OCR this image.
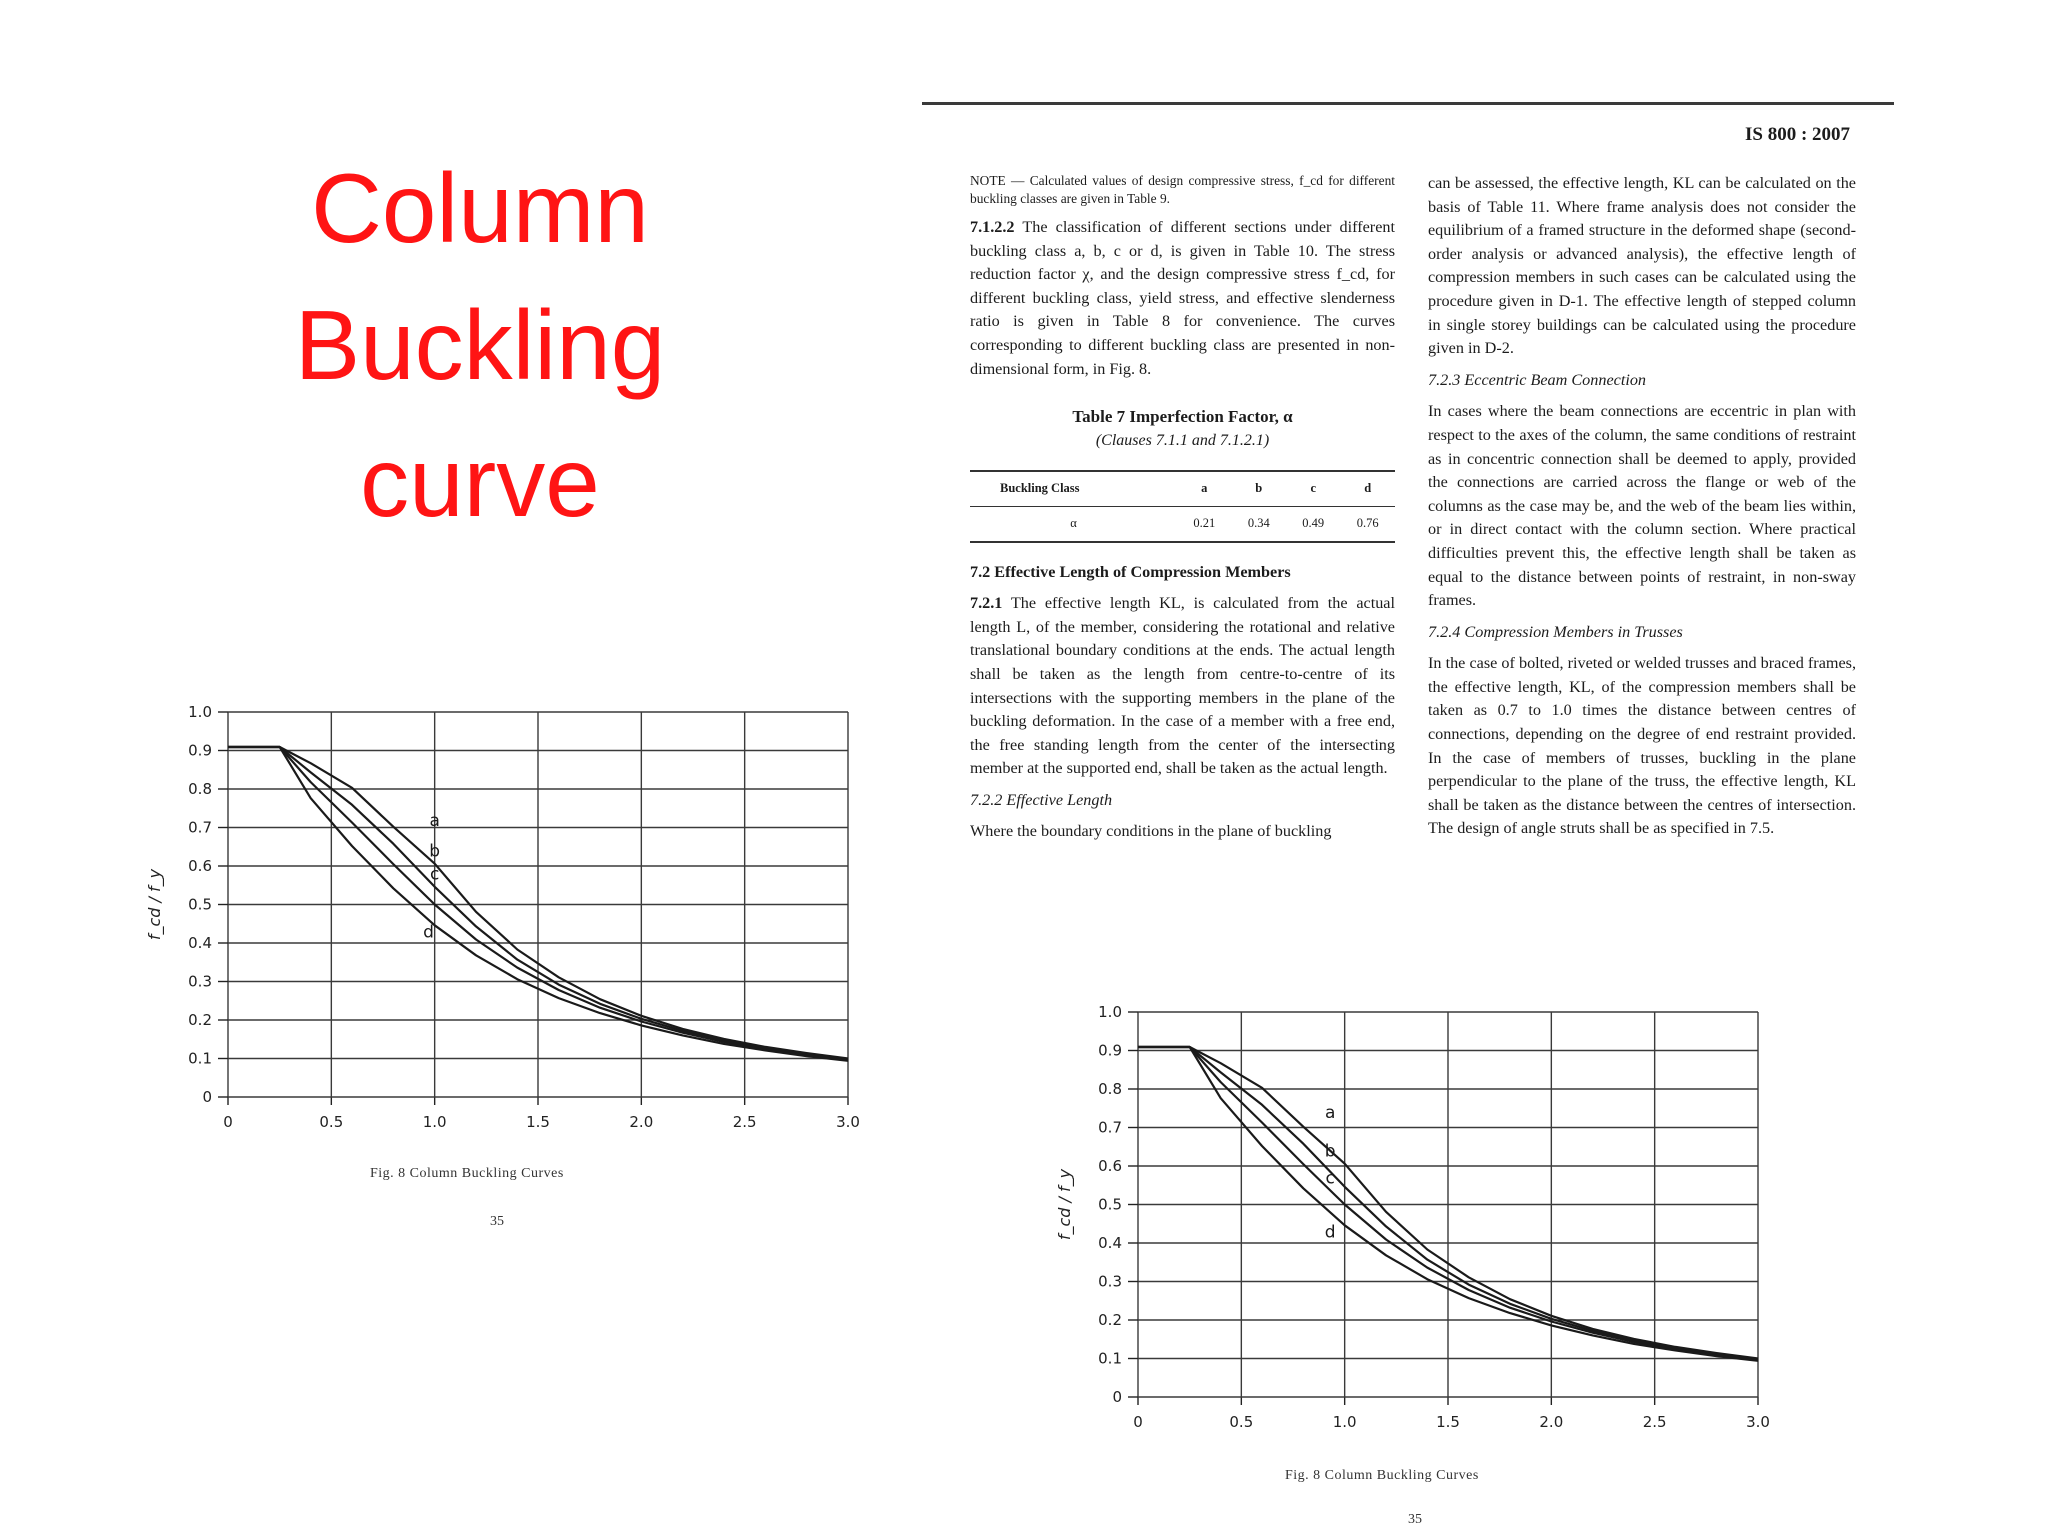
Column
Buckling
curve
IS 800 : 2007

NOTE — Calculated values of design compressive stress, f_cd for different buckling classes are given in Table 9.

7.1.2.2 The classification of different sections under different buckling class a, b, c or d, is given in Table 10. The stress reduction factor χ, and the design compressive stress f_cd, for different buckling class, yield stress, and effective slenderness ratio is given in Table 8 for convenience. The curves corresponding to different buckling class are presented in non-dimensional form, in Fig. 8.

Table 7 Imperfection Factor, α
(Clauses 7.1.1 and 7.1.2.1)
Buckling Class	a	b	c	d
α	0.21	0.34	0.49	0.76

7.2 Effective Length of Compression Members

7.2.1 The effective length KL, is calculated from the actual length L, of the member, considering the rotational and relative translational boundary conditions at the ends. The actual length shall be taken as the length from centre-to-centre of its intersections with the supporting members in the plane of the buckling deformation. In the case of a member with a free end, the free standing length from the center of the intersecting member at the supported end, shall be taken as the actual length.

7.2.2 Effective Length

Where the boundary conditions in the plane of buckling

can be assessed, the effective length, KL can be calculated on the basis of Table 11. Where frame analysis does not consider the equilibrium of a framed structure in the deformed shape (second-order analysis or advanced analysis), the effective length of compression members in such cases can be calculated using the procedure given in D-1. The effective length of stepped column in single storey buildings can be calculated using the procedure given in D-2.

7.2.3 Eccentric Beam Connection

In cases where the beam connections are eccentric in plan with respect to the axes of the column, the same conditions of restraint as in concentric connection shall be deemed to apply, provided the connections are carried across the flange or web of the columns as the case may be, and the web of the beam lies within, or in direct contact with the column section. Where practical difficulties prevent this, the effective length shall be taken as equal to the distance between points of restraint, in non-sway frames.

7.2.4 Compression Members in Trusses

In the case of bolted, riveted or welded trusses and braced frames, the effective length, KL, of the compression members shall be taken as 0.7 to 1.0 times the distance between centres of connections, depending on the degree of end restraint provided. In the case of members of trusses, buckling in the plane perpendicular to the plane of the truss, the effective length, KL shall be taken as the distance between the centres of intersection. The design of angle struts shall be as specified in 7.5.

0	0.5	1.0	1.5	2.0	2.5	3.0
0
0.1
0.2
0.3
0.4
0.5
0.6
0.7
0.8
0.9
1.0
f_cd / f_y
a
b
c
d
0	0.5	1.0	1.5	2.0	2.5	3.0
0
0.1
0.2
0.3
0.4
0.5
0.6
0.7
0.8
0.9
1.0
f_cd / f_y
a
b
c
d
Fig. 8 Column Buckling Curves
35
Fig. 8 Column Buckling Curves
35
